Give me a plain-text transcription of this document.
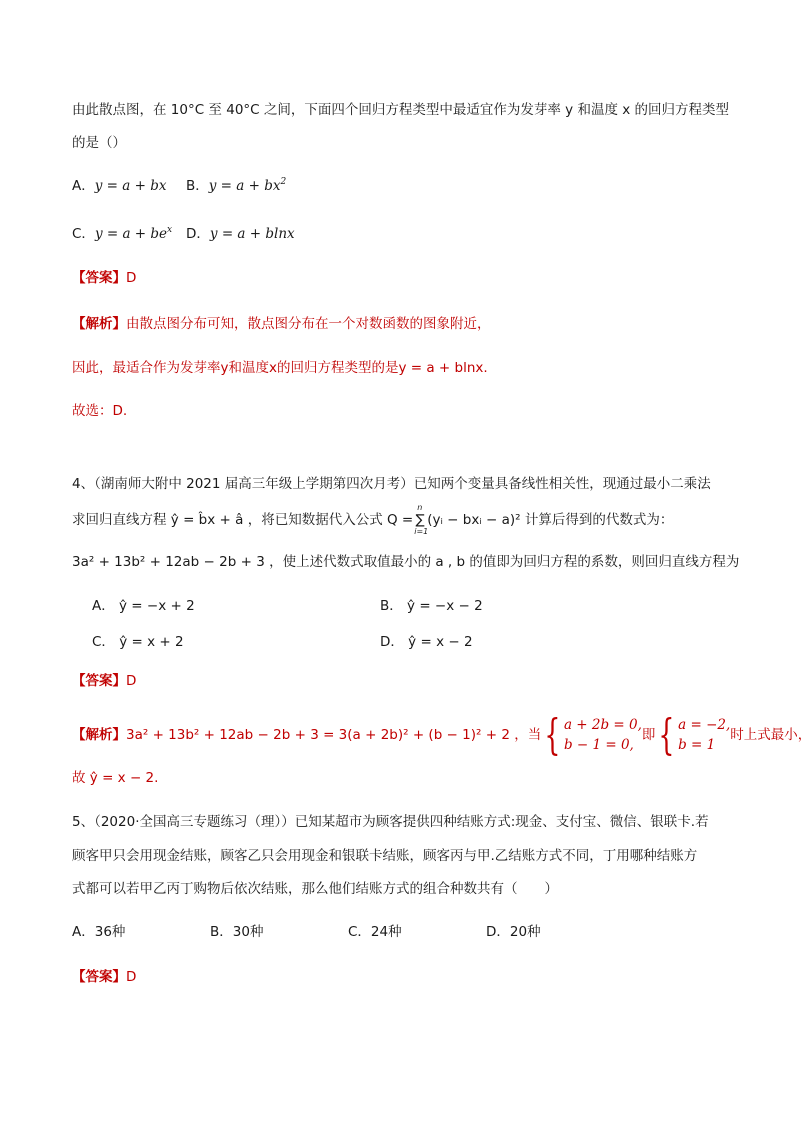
由此散点图，在 10°C 至 40°C 之间，下面四个回归方程类型中最适宜作为发芽率 y 和温度 x 的回归方程类型
的是（）
A．y = a + bx B．$y = a + bx^2$
C．$y = a + be^x$ D．y = a + blnx
【答案】D
【解析】由散点图分布可知，散点图分布在一个对数函数的图象附近，
因此，最适合作为发芽率y和温度x的回归方程类型的是y = a + blnx.
故选：D.
4、（湖南师大附中 2021 届高三年级上学期第四次月考）已知两个变量具备线性相关性，现通过最小二乘法
求回归直线方程 ŷ = b̂x + â ，将已知数据代入公式 Q =
n
∑
i=1
(yᵢ − bxᵢ − a)² 计算后得到的代数式为：
3a² + 13b² + 12ab − 2b + 3 ，使上述代数式取值最小的 a , b 的值即为回归方程的系数，则回归直线方程为
A． ŷ = −x + 2	B． ŷ = −x − 2
C． ŷ = x + 2	D． ŷ = x − 2
【答案】D
【解析】3a² + 13b² + 12ab − 2b + 3 = 3(a + 2b)² + (b − 1)² + 2 ，当{ a + 2b = 0,
b − 1 = 0,
即{ a = −2,
b = 1
时上式最小，
故 ŷ = x − 2.
5、（2020·全国高三专题练习（理））已知某超市为顾客提供四种结账方式:现金、支付宝、微信、银联卡.若
顾客甲只会用现金结账，顾客乙只会用现金和银联卡结账，顾客丙与甲.乙结账方式不同，丁用哪种结账方
式都可以若甲乙丙丁购物后依次结账，那么他们结账方式的组合种数共有（　　）
A．36种	B．30种	C．24种	D．20种
【答案】D
